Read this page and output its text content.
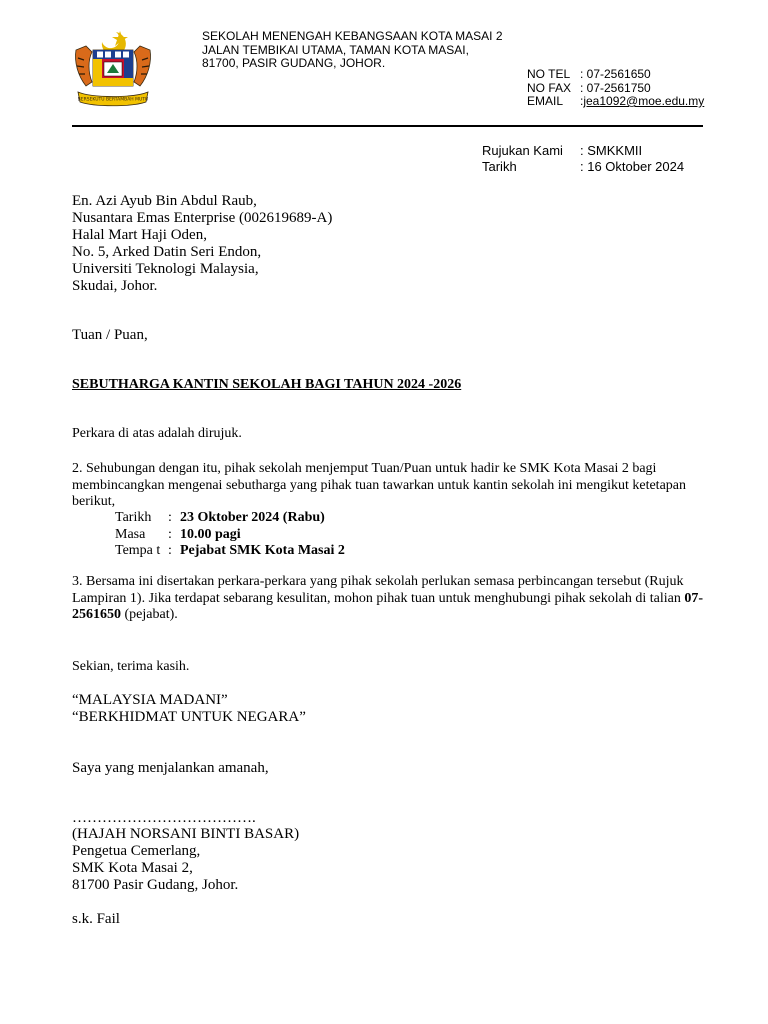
BERSEKUTU BERTAMBAH MUTU
SEKOLAH MENENGAH KEBANGSAAN KOTA MASAI 2
JALAN TEMBIKAI UTAMA, TAMAN KOTA MASAI,
81700, PASIR GUDANG, JOHOR.
NO TEL : 07-2561650
NO FAX : 07-2561750
EMAIL	: jea1092@moe.edu.my
Rujukan Kami	: SMKKMII
Tarikh	: 16 Oktober 2024
En. Azi Ayub Bin Abdul Raub,
Nusantara Emas Enterprise (002619689-A)
Halal Mart Haji Oden,
No. 5, Arked Datin Seri Endon,
Universiti Teknologi Malaysia,
Skudai, Johor.
Tuan / Puan,
SEBUTHARGA KANTIN SEKOLAH BAGI TAHUN 2024 -2026
Perkara di atas adalah dirujuk.
2. Sehubungan dengan itu, pihak sekolah menjemput Tuan/Puan untuk hadir ke SMK Kota Masai 2 bagi membincangkan mengenai sebutharga yang pihak tuan tawarkan untuk kantin sekolah ini mengikut ketetapan berikut,
Tarikh	: 23 Oktober 2024 (Rabu)
Masa	: 10.00 pagi
Tempa t : Pejabat SMK Kota Masai 2
3. Bersama ini disertakan perkara-perkara yang pihak sekolah perlukan semasa perbincangan tersebut (Rujuk Lampiran 1). Jika terdapat sebarang kesulitan, mohon pihak tuan untuk menghubungi pihak sekolah di talian 07-2561650 (pejabat).
Sekian, terima kasih.
“MALAYSIA MADANI”
“BERKHIDMAT UNTUK NEGARA”
Saya yang menjalankan amanah,
……………………………….
(HAJAH NORSANI BINTI BASAR)
Pengetua Cemerlang,
SMK Kota Masai 2,
81700 Pasir Gudang, Johor.
s.k. Fail
